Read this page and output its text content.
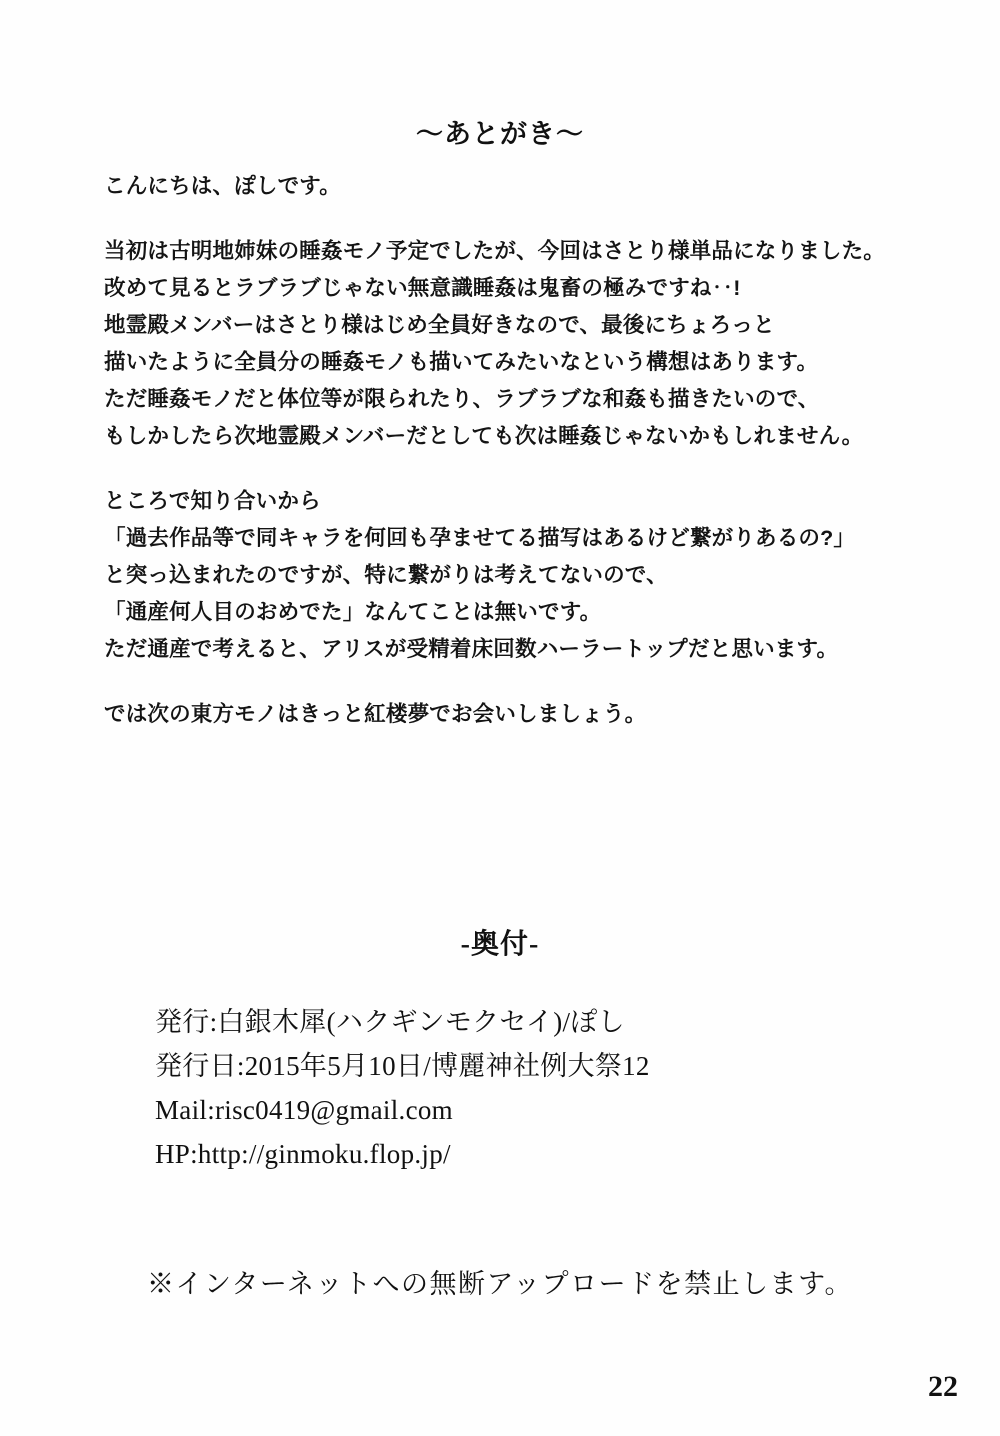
〜あとがき〜

こんにちは、ぽしです。

当初は古明地姉妹の睡姦モノ予定でしたが、今回はさとり様単品になりました。

改めて見るとラブラブじゃない無意識睡姦は鬼畜の極みですね‥!

地霊殿メンバーはさとり様はじめ全員好きなので、最後にちょろっと

描いたように全員分の睡姦モノも描いてみたいなという構想はあります。

ただ睡姦モノだと体位等が限られたり、ラブラブな和姦も描きたいので、

もしかしたら次地霊殿メンバーだとしても次は睡姦じゃないかもしれません。

ところで知り合いから

「過去作品等で同キャラを何回も孕ませてる描写はあるけど繋がりあるの?」

と突っ込まれたのですが、特に繋がりは考えてないので、

「通産何人目のおめでた」なんてことは無いです。

ただ通産で考えると、アリスが受精着床回数ハーラートップだと思います。

では次の東方モノはきっと紅楼夢でお会いしましょう。

-奥付-
発行:白銀木犀(ハクギンモクセイ)/ぽし
発行日:2015年5月10日/博麗神社例大祭12
Mail:risc0419@gmail.com
HP:http://ginmoku.flop.jp/
※インターネットへの無断アップロードを禁止します。
22
